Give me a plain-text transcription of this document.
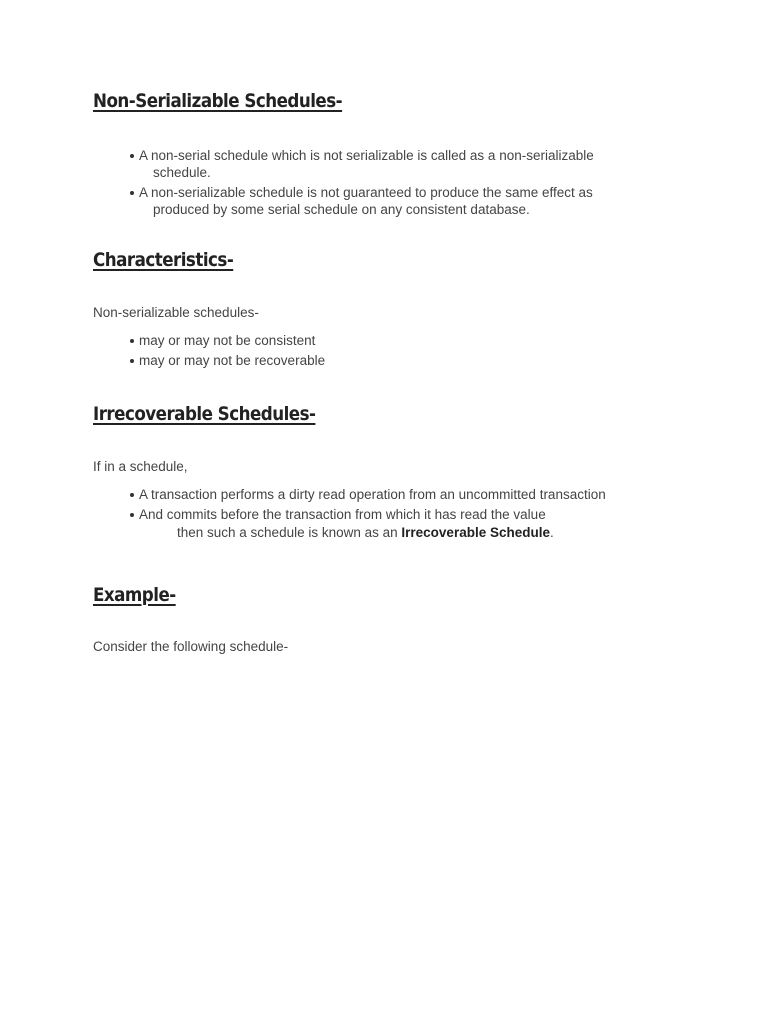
Non-Serializable Schedules-
A non-serial schedule which is not serializable is called as a non-serializable
schedule.
A non-serializable schedule is not guaranteed to produce the same effect as
produced by some serial schedule on any consistent database.
Characteristics-

Non-serializable schedules-

may or may not be consistent
may or may not be recoverable
Irrecoverable Schedules-

If in a schedule,

A transaction performs a dirty read operation from an uncommitted transaction
And commits before the transaction from which it has read the value

then such a schedule is known as an Irrecoverable Schedule.

Example-

Consider the following schedule-
